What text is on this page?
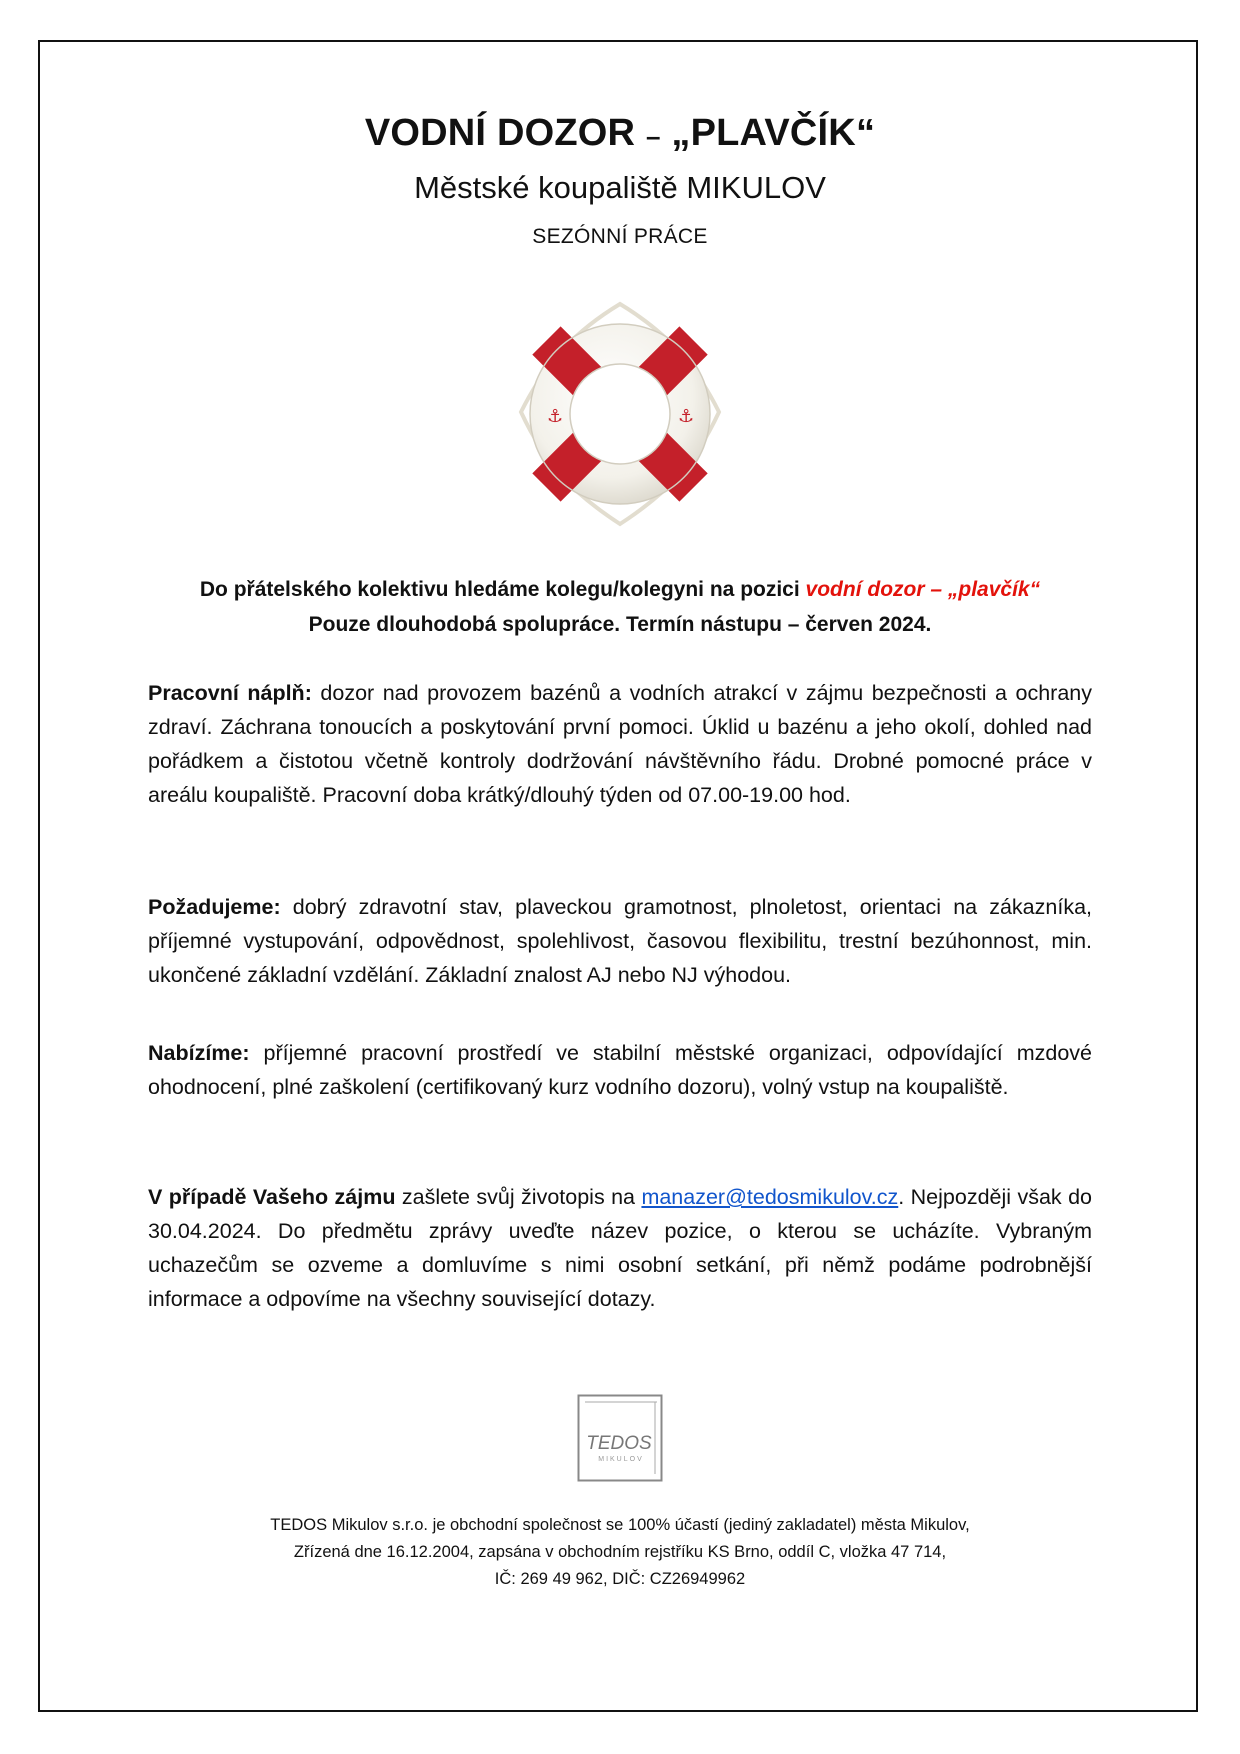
VODNÍ DOZOR – „PLAVČÍK“
Městské koupaliště MIKULOV
SEZÓNNÍ PRÁCE
⚓	⚓
Do přátelského kolektivu hledáme kolegu/kolegyni na pozici vodní dozor – „plavčík“
Pouze dlouhodobá spolupráce. Termín nástupu – červen 2024.
Pracovní náplň: dozor nad provozem bazénů a vodních atrakcí v zájmu bezpečnosti a ochrany zdraví. Záchrana tonoucích a poskytování první pomoci. Úklid u bazénu a jeho okolí, dohled nad pořádkem a čistotou včetně kontroly dodržování návštěvního řádu. Drobné pomocné práce v areálu koupaliště. Pracovní doba krátký/dlouhý týden od 07.00-19.00 hod.
Požadujeme: dobrý zdravotní stav, plaveckou gramotnost, plnoletost, orientaci na zákazníka, příjemné vystupování, odpovědnost, spolehlivost, časovou flexibilitu, trestní bezúhonnost, min. ukončené základní vzdělání. Základní znalost AJ nebo NJ výhodou.
Nabízíme: příjemné pracovní prostředí ve stabilní městské organizaci, odpovídající mzdové ohodnocení, plné zaškolení (certifikovaný kurz vodního dozoru), volný vstup na koupaliště.
V případě Vašeho zájmu zašlete svůj životopis na manazer@tedosmikulov.cz. Nejpozději však do 30.04.2024. Do předmětu zprávy uveďte název pozice, o kterou se ucházíte. Vybraným uchazečům se ozveme a domluvíme s nimi osobní setkání, při němž podáme podrobnější informace a odpovíme na všechny související dotazy.
TEDOS
MIKULOV
TEDOS Mikulov s.r.o. je obchodní společnost se 100% účastí (jediný zakladatel) města Mikulov,
Zřízená dne 16.12.2004, zapsána v obchodním rejstříku KS Brno, oddíl C, vložka 47 714,
IČ: 269 49 962, DIČ: CZ26949962
